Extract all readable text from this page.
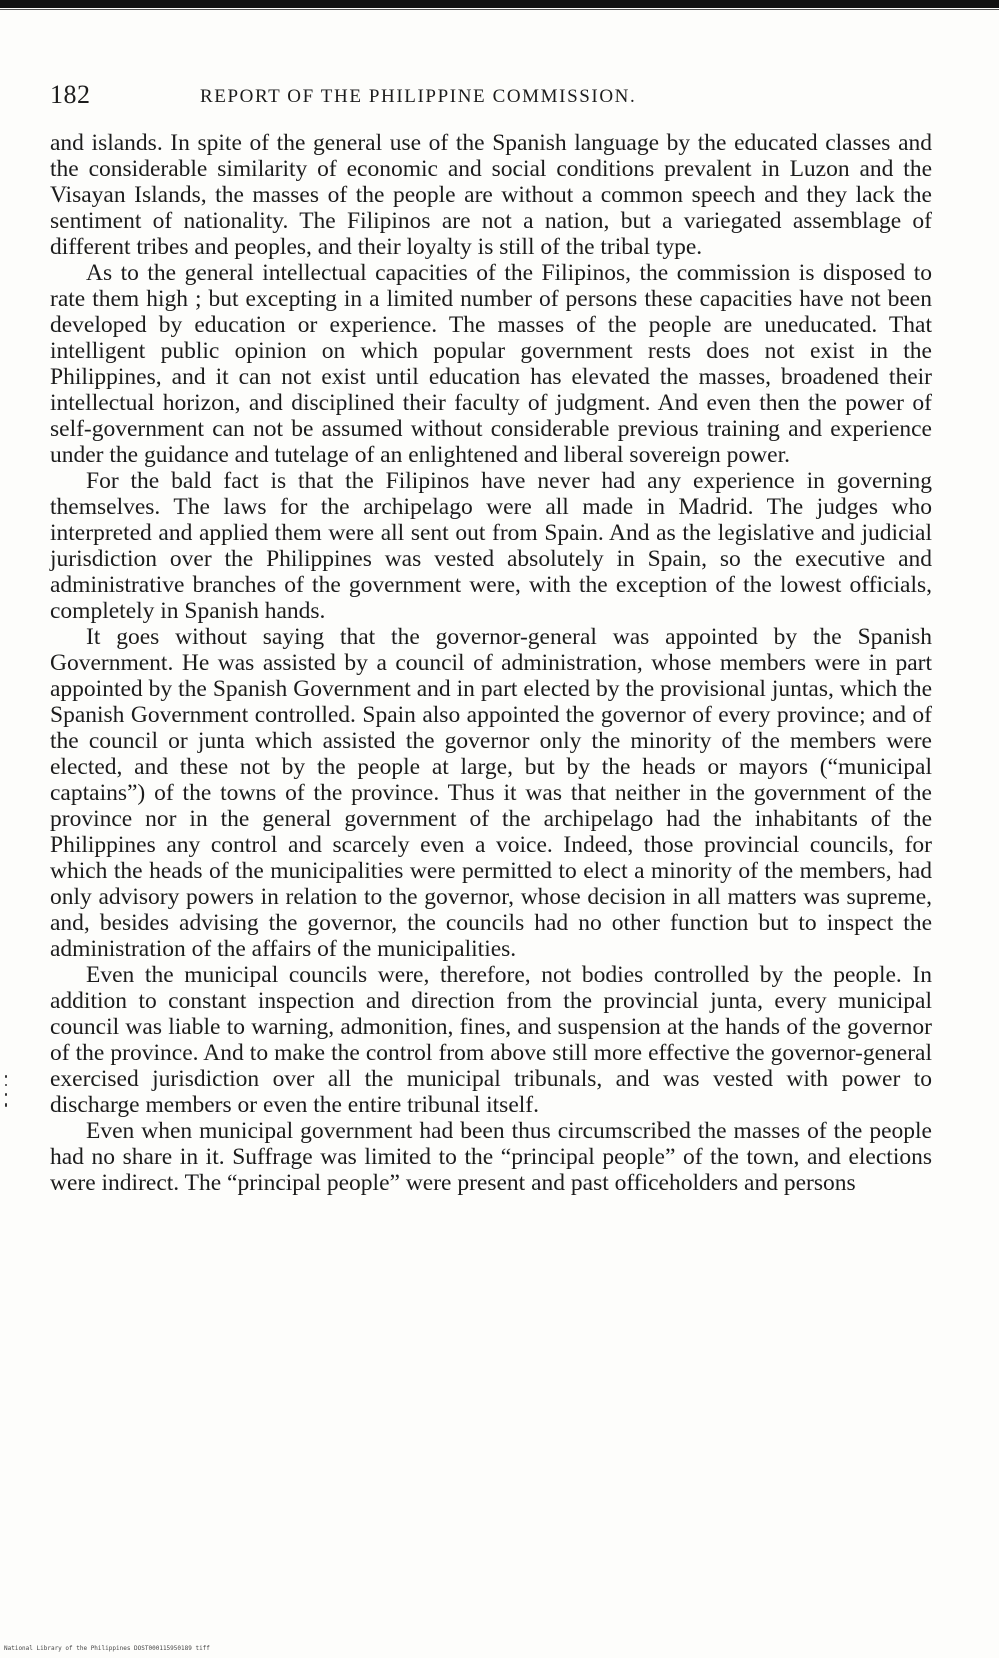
182	REPORT OF THE PHILIPPINE COMMISSION.

and islands. In spite of the general use of the Spanish language by the educated classes and the considerable similarity of economic and social conditions prevalent in Luzon and the Visayan Islands, the masses of the people are without a common speech and they lack the sentiment of nationality. The Filipinos are not a nation, but a variegated assemblage of different tribes and peoples, and their loyalty is still of the tribal type.

As to the general intellectual capacities of the Filipinos, the commission is disposed to rate them high ; but excepting in a limited number of persons these capacities have not been developed by education or experience. The masses of the people are uneducated. That intelligent public opinion on which popular government rests does not exist in the Philippines, and it can not exist until education has elevated the masses, broadened their intellectual horizon, and disciplined their faculty of judgment. And even then the power of self-government can not be assumed without considerable previous training and experience under the guidance and tutelage of an enlightened and liberal sovereign power.

For the bald fact is that the Filipinos have never had any experience in governing themselves. The laws for the archipelago were all made in Madrid. The judges who interpreted and applied them were all sent out from Spain. And as the legislative and judicial jurisdiction over the Philippines was vested absolutely in Spain, so the executive and administrative branches of the government were, with the exception of the lowest officials, completely in Spanish hands.

It goes without saying that the governor-general was appointed by the Spanish Government. He was assisted by a council of administration, whose members were in part appointed by the Spanish Government and in part elected by the provisional juntas, which the Spanish Government controlled. Spain also appointed the governor of every province; and of the council or junta which assisted the governor only the minority of the members were elected, and these not by the people at large, but by the heads or mayors (“municipal captains”) of the towns of the province. Thus it was that neither in the government of the province nor in the general government of the archipelago had the inhabitants of the Philippines any control and scarcely even a voice. Indeed, those provincial councils, for which the heads of the municipalities were permitted to elect a minority of the members, had only advisory powers in relation to the governor, whose decision in all matters was supreme, and, besides advising the governor, the councils had no other function but to inspect the administration of the affairs of the municipalities.

Even the municipal councils were, therefore, not bodies controlled by the people. In addition to constant inspection and direction from the provincial junta, every municipal council was liable to warning, admonition, fines, and suspension at the hands of the governor of the province. And to make the control from above still more effective the governor-general exercised jurisdiction over all the municipal tribunals, and was vested with power to discharge members or even the entire tribunal itself.

Even when municipal government had been thus circumscribed the masses of the people had no share in it. Suffrage was limited to the “principal people” of the town, and elections were indirect. The “principal people” were present and past officeholders and persons

National Library of the Philippines DOST000115950189 tiff
